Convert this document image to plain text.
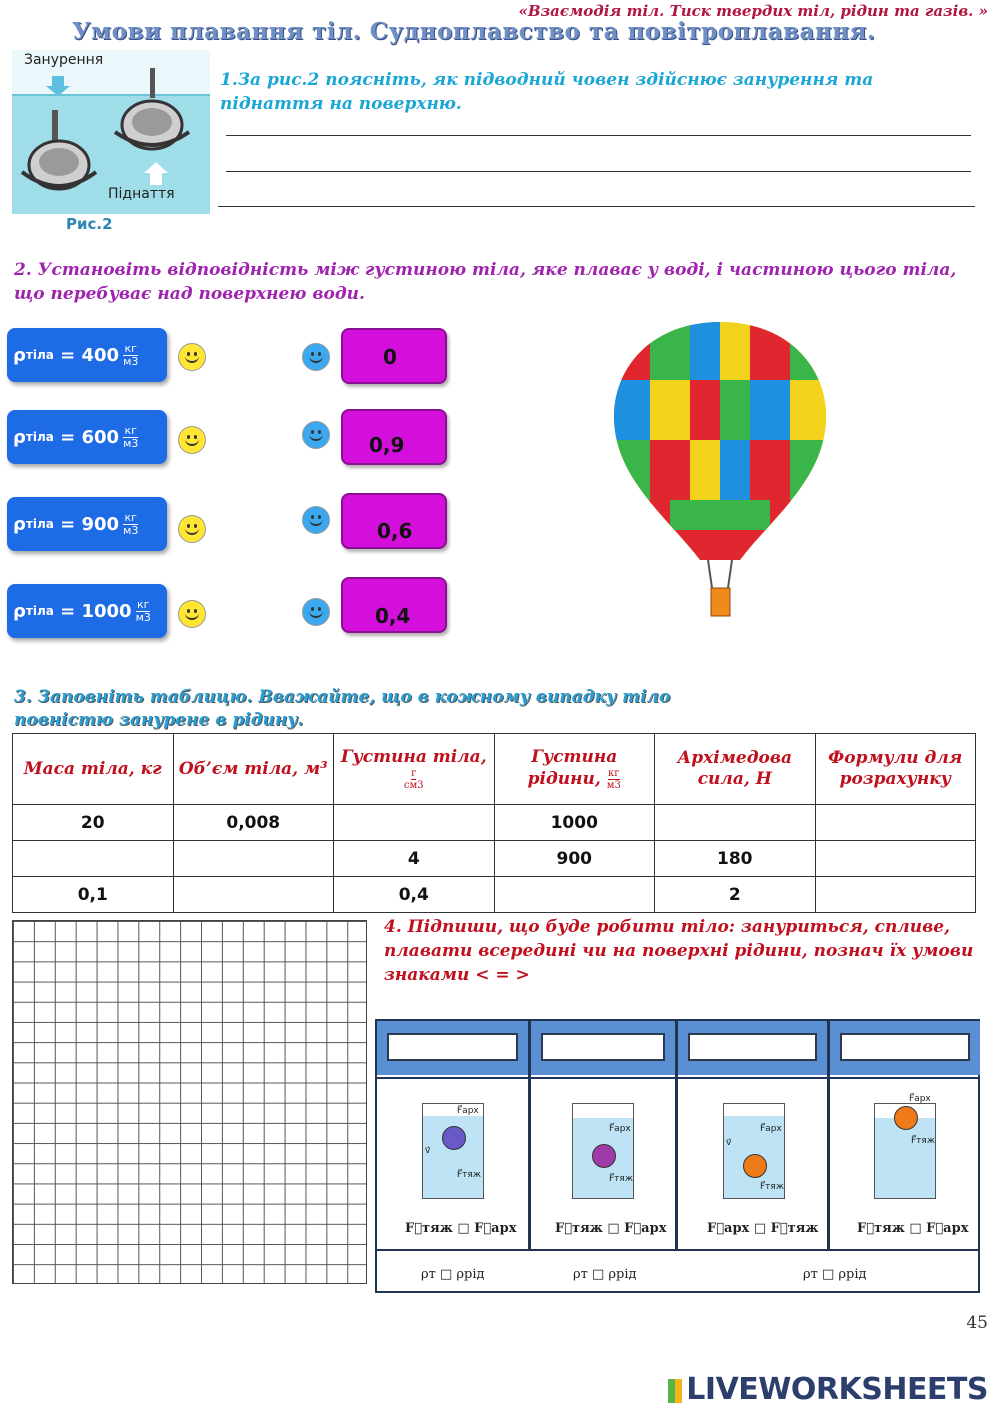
«Взаємодія тіл. Тиск твердих тіл, рідин та газів. »
Умови плавання тіл. Судноплавство та повітроплавання.
Занурення
Піднаття
Рис.2
1.За рис.2 поясніть, як підводний човен здійснює занурення та піднаття на поверхню.
2. Установіть відповідність між густиною тіла, яке плаває у воді, і частиною цього тіла, що перебуває над поверхнею води.
ρ тіла = $400 \frac{кг}{м3}$
ρ тіла = $600 \frac{кг}{м3}$
ρ тіла = $900 \frac{кг}{м3}$
ρ тіла = $1000 \frac{кг}{м3}$
0
0,9
0,6
0,4
3. Заповніть таблицю. Вважайте, що в кожному випадку тіло повністю занурене в рідину.
Маса тіла, кг	Об’єм тіла, м³	Густина тіла,
г
см3	Густина рідини, кг
м3	Архімедова сила, Н	Формули для розрахунку
20	0,008		1000		
		4	900	180	
0,1		0,4		2	
4. Підпиши, що буде робити тіло: зануриться, спливе, плавати всередині чи на поверхні рідини, познач їх умови знаками < = >
F⃗арх
F⃗тяж
v⃗
F⃗арх
F⃗тяж
F⃗арх
F⃗тяж
v⃗
F⃗арх
F⃗тяж
F⃗тяж □ F⃗арх	F⃗тяж □ F⃗арх	F⃗арх □ F⃗тяж	F⃗тяж □ F⃗арх
ρт □ ρрід	ρт □ ρрід	ρт □ ρрід
45
LIVEWORKSHEETS
